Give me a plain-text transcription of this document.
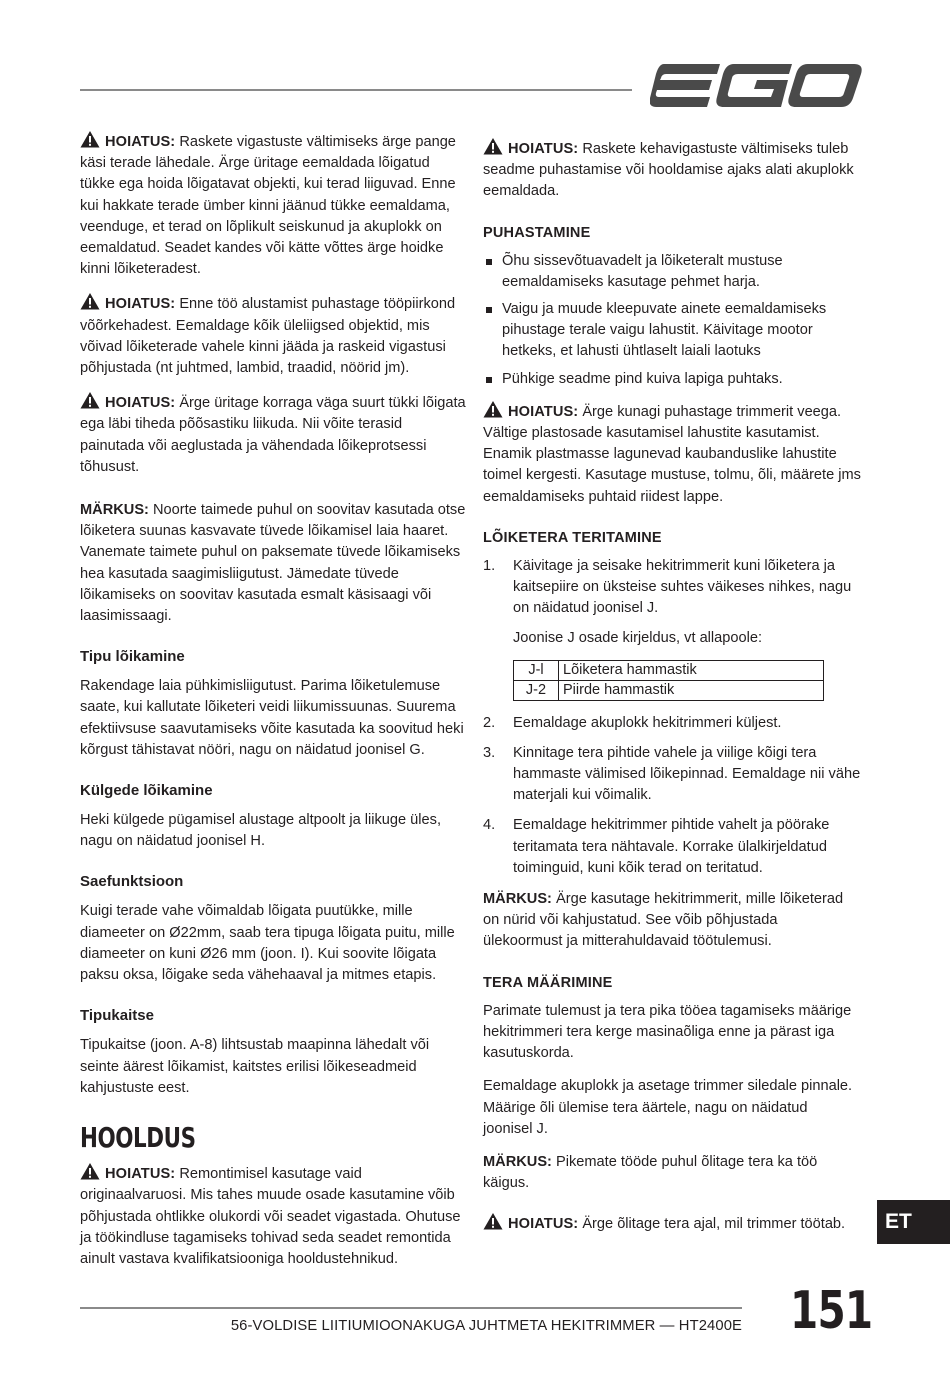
HOIATUS: Raskete vigastuste vältimiseks ärge pange käsi terade lähedale. Ärge üritage eemaldada lõigatud tükke ega hoida lõigatavat objekti, kui terad liiguvad. Enne kui hakkate terade ümber kinni jäänud tükke eemaldama, veenduge, et terad on lõplikult seiskunud ja akuplokk on eemaldatud. Seadet kandes või kätte võttes ärge hoidke kinni lõiketeradest.

HOIATUS: Enne töö alustamist puhastage tööpiirkond võõrkehadest. Eemaldage kõik üleliigsed objektid, mis võivad lõiketerade vahele kinni jääda ja raskeid vigastusi põhjustada (nt juhtmed, lambid, traadid, nöörid jm).

HOIATUS: Ärge üritage korraga väga suurt tükki lõigata ega läbi tiheda põõsastiku liikuda. Nii võite terasid painutada või aeglustada ja vähendada lõikeprotsessi tõhusust.

MÄRKUS: Noorte taimede puhul on soovitav kasutada otse lõiketera suunas kasvavate tüvede lõikamisel laia haaret. Vanemate taimete puhul on paksemate tüvede lõikamiseks hea kasutada saagimisliigutust. Jämedate tüvede lõikamiseks on soovitav kasutada esmalt käsisaagi või laasimissaagi.

Tipu lõikamine

Rakendage laia pühkimisliigutust. Parima lõiketulemuse saate, kui kallutate lõiketeri veidi liikumissuunas. Suurema efektiivsuse saavutamiseks võite kasutada ka soovitud heki kõrgust tähistavat nööri, nagu on näidatud joonisel G.

Külgede lõikamine

Heki külgede pügamisel alustage altpoolt ja liikuge üles, nagu on näidatud joonisel H.

Saefunktsioon

Kuigi terade vahe võimaldab lõigata puutükke, mille diameeter on Ø22mm, saab tera tipuga lõigata puitu, mille diameeter on kuni Ø26 mm (joon. I). Kui soovite lõigata paksu oksa, lõigake seda vähehaaval ja mitmes etapis.

Tipukaitse

Tipukaitse (joon. A-8) lihtsustab maapinna lähedalt või seinte äärest lõikamist, kaitstes erilisi lõikeseadmeid kahjustuste eest.

HOOLDUS

HOIATUS: Remontimisel kasutage vaid originaalvaruosi. Mis tahes muude osade kasutamine võib põhjustada ohtlikke olukordi või seadet vigastada. Ohutuse ja töökindluse tagamiseks tohivad seda seadet remontida ainult vastava kvalifikatsiooniga hooldustehnikud.

HOIATUS: Raskete kehavigastuste vältimiseks tuleb seadme puhastamise või hooldamise ajaks alati akuplokk eemaldada.

PUHASTAMINE
Õhu sissevõtuavadelt ja lõiketeralt mustuse eemaldamiseks kasutage pehmet harja.
Vaigu ja muude kleepuvate ainete eemaldamiseks pihustage terale vaigu lahustit. Käivitage mootor hetkeks, et lahusti ühtlaselt laiali laotuks
Pühkige seadme pind kuiva lapiga puhtaks.

HOIATUS: Ärge kunagi puhastage trimmerit veega. Vältige plastosade kasutamisel lahustite kasutamist. Enamik plastmasse lagunevad kaubanduslike lahustite toimel kergesti. Kasutage mustuse, tolmu, õli, määrete jms eemaldamiseks puhtaid riidest lappe.

LÕIKETERA TERITAMINE
1. Käivitage ja seisake hekitrimmerit kuni lõiketera ja kaitsepiire on üksteise suhtes väikeses nihkes, nagu on näidatud joonisel J.
Joonise J osade kirjeldus, vt allapoole:
J-l	Lõiketera hammastik
J-2	Piirde hammastik
2. Eemaldage akuplokk hekitrimmeri küljest.
3. Kinnitage tera pihtide vahele ja viilige kõigi tera hammaste välimised lõikepinnad. Eemaldage nii vähe materjali kui võimalik.
4. Eemaldage hekitrimmer pihtide vahelt ja pöörake teritamata tera nähtavale. Korrake ülalkirjeldatud toiminguid, kuni kõik terad on teritatud.

MÄRKUS: Ärge kasutage hekitrimmerit, mille lõiketerad on nürid või kahjustatud. See võib põhjustada ülekoormust ja mitterahuldavaid töötulemusi.

TERA MÄÄRIMINE

Parimate tulemust ja tera pika tööea tagamiseks määrige hekitrimmeri tera kerge masinaõliga enne ja pärast iga kasutuskorda.

Eemaldage akuplokk ja asetage trimmer siledale pinnale. Määrige õli ülemise tera äärtele, nagu on näidatud joonisel J.

MÄRKUS: Pikemate tööde puhul õlitage tera ka töö käigus.

HOIATUS: Ärge õlitage tera ajal, mil trimmer töötab.	ET
56-VOLDISE LIITIUMIOONAKUGA JUHTMETA HEKITRIMMER — HT2400E 151
